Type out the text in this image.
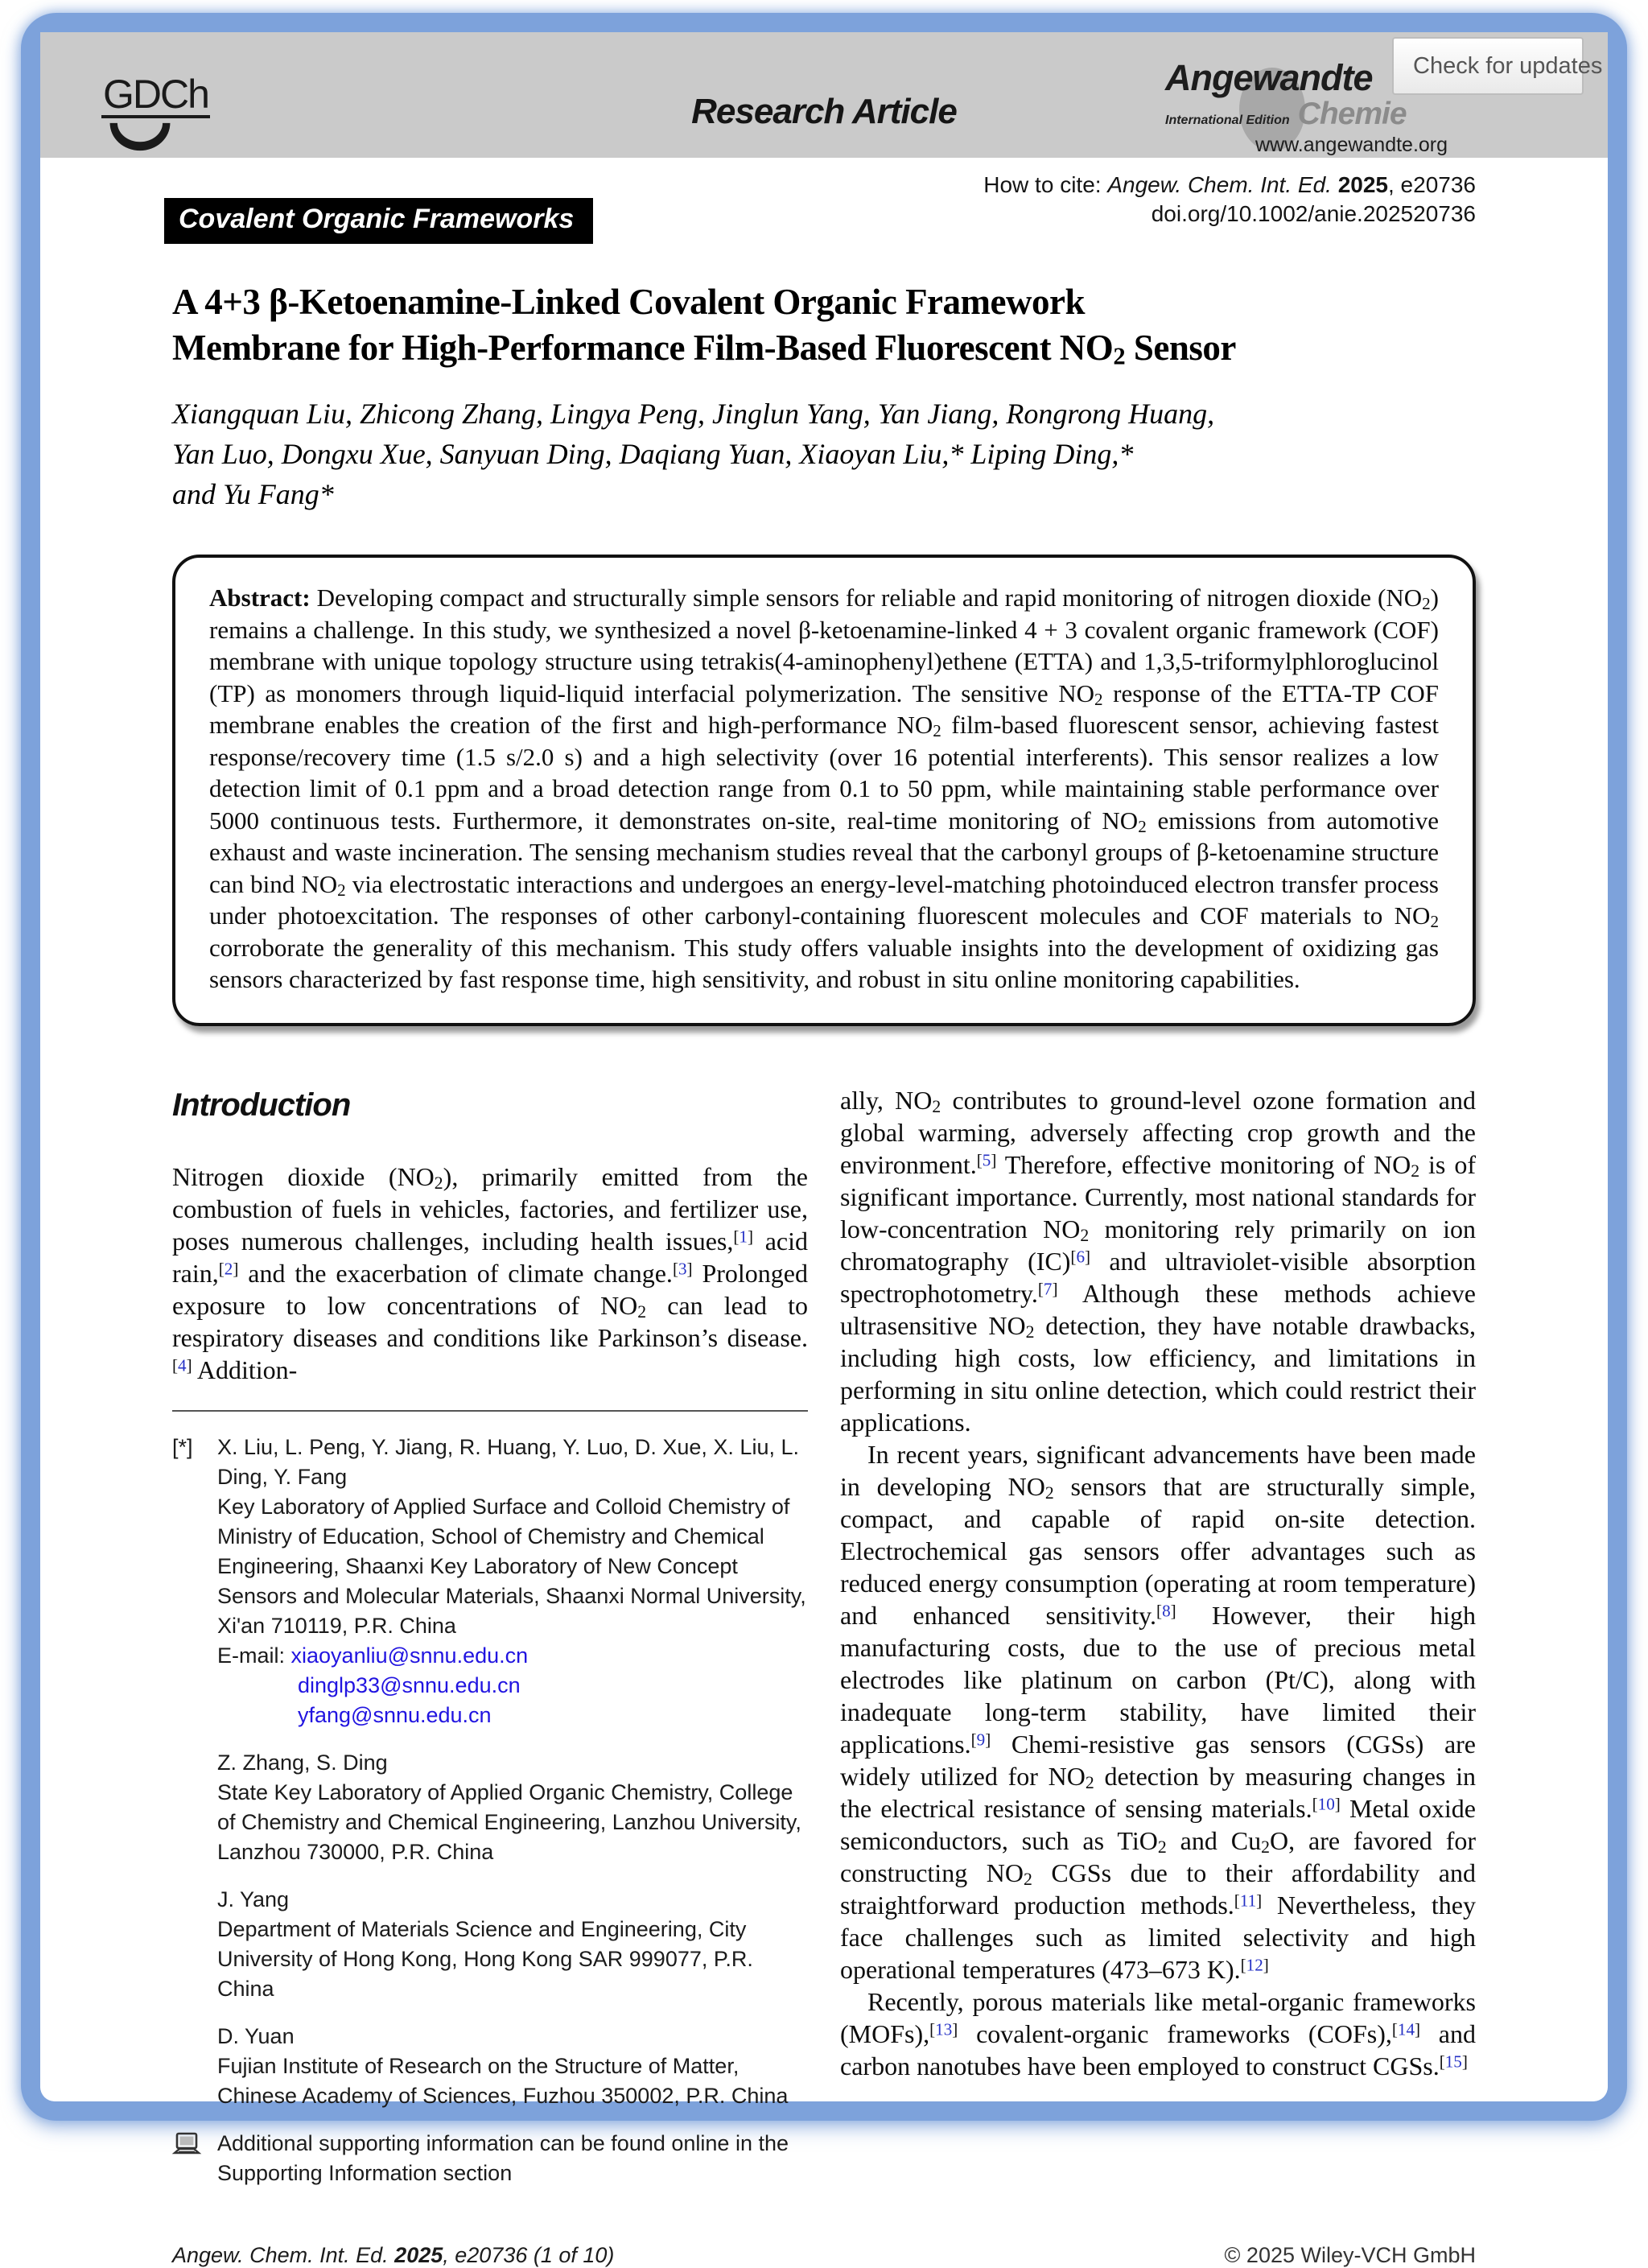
GDCh	Research Article
Angewandte
International Edition Chemie
www.angewandte.org
Check for updates
How to cite: Angew. Chem. Int. Ed. 2025, e20736
doi.org/10.1002/anie.202520736
Covalent Organic Frameworks
A 4+3 β-Ketoenamine-Linked Covalent Organic Framework
Membrane for High-Performance Film-Based Fluorescent $NO_2$ Sensor
Xiangquan Liu, Zhicong Zhang, Lingya Peng, Jinglun Yang, Yan Jiang, Rongrong Huang,
Yan Luo, Dongxu Xue, Sanyuan Ding, Daqiang Yuan, Xiaoyan Liu,* Liping Ding,*
and Yu Fang*
Abstract: Developing compact and structurally simple sensors for reliable and rapid monitoring of nitrogen dioxide $(NO_2)$ remains a challenge. In this study, we synthesized a novel β-ketoenamine-linked 4 + 3 covalent organic framework (COF) membrane with unique topology structure using tetrakis(4-aminophenyl)ethene (ETTA) and 1,3,5-triformylphloroglucinol (TP) as monomers through liquid-liquid interfacial polymerization. The sensitive $NO_2$ response of the ETTA-TP COF membrane enables the creation of the first and high-performance $NO_2$ film-based fluorescent sensor, achieving fastest response/recovery time (1.5 s/2.0 s) and a high selectivity (over 16 potential interferents). This sensor realizes a low detection limit of 0.1 ppm and a broad detection range from 0.1 to 50 ppm, while maintaining stable performance over 5000 continuous tests. Furthermore, it demonstrates on-site, real-time monitoring of $NO_2$ emissions from automotive exhaust and waste incineration. The sensing mechanism studies reveal that the carbonyl groups of β-ketoenamine structure can bind $NO_2$ via electrostatic interactions and undergoes an energy-level-matching photoinduced electron transfer process under photoexcitation. The responses of other carbonyl-containing fluorescent molecules and COF materials to $NO_2$ corroborate the generality of this mechanism. This study offers valuable insights into the development of oxidizing gas sensors characterized by fast response time, high sensitivity, and robust in situ online monitoring capabilities.
Introduction
Nitrogen dioxide $(NO_2)$, primarily emitted from the combustion of fuels in vehicles, factories, and fertilizer use, poses numerous challenges, including health issues,[1] acid rain,[2] and the exacerbation of climate change.[3] Prolonged exposure to low concentrations of $NO_2$ can lead to respiratory diseases and conditions like Parkinson’s disease.[4] Addition-
[*]	X. Liu, L. Peng, Y. Jiang, R. Huang, Y. Luo, D. Xue, X. Liu, L. Ding, Y. Fang
Key Laboratory of Applied Surface and Colloid Chemistry of Ministry of Education, School of Chemistry and Chemical Engineering, Shaanxi Key Laboratory of New Concept Sensors and Molecular Materials, Shaanxi Normal University, Xi'an 710119, P.R. China
E-mail: xiaoyanliu@snnu.edu.cn
dinglp33@snnu.edu.cn
yfang@snnu.edu.cn
Z. Zhang, S. Ding
State Key Laboratory of Applied Organic Chemistry, College of Chemistry and Chemical Engineering, Lanzhou University, Lanzhou 730000, P.R. China
J. Yang
Department of Materials Science and Engineering, City University of Hong Kong, Hong Kong SAR 999077, P.R. China
D. Yuan
Fujian Institute of Research on the Structure of Matter, Chinese Academy of Sciences, Fuzhou 350002, P.R. China
Additional supporting information can be found online in the Supporting Information section
ally, $NO_2$ contributes to ground-level ozone formation and global warming, adversely affecting crop growth and the environment.[5] Therefore, effective monitoring of $NO_2$ is of significant importance. Currently, most national standards for low-concentration $NO_2$ monitoring rely primarily on ion chromatography (IC)[6] and ultraviolet-visible absorption spectrophotometry.[7] Although these methods achieve ultrasensitive $NO_2$ detection, they have notable drawbacks, including high costs, low efficiency, and limitations in performing in situ online detection, which could restrict their applications.
In recent years, significant advancements have been made in developing $NO_2$ sensors that are structurally simple, compact, and capable of rapid on-site detection. Electrochemical gas sensors offer advantages such as reduced energy consumption (operating at room temperature) and enhanced sensitivity.[8] However, their high manufacturing costs, due to the use of precious metal electrodes like platinum on carbon (Pt/C), along with inadequate long-term stability, have limited their applications.[9] Chemi-resistive gas sensors (CGSs) are widely utilized for $NO_2$ detection by measuring changes in the electrical resistance of sensing materials.[10] Metal oxide semiconductors, such as TiO$_2$ and $Cu_2O$, are favored for constructing $NO_2$ CGSs due to their affordability and straightforward production methods.[11] Nevertheless, they face challenges such as limited selectivity and high operational temperatures (473–673 K).[12]
Recently, porous materials like metal-organic frameworks (MOFs),[13] covalent-organic frameworks (COFs),[14] and carbon nanotubes have been employed to construct CGSs.[15]
Angew. Chem. Int. Ed. 2025, e20736 (1 of 10)	© 2025 Wiley-VCH GmbH
